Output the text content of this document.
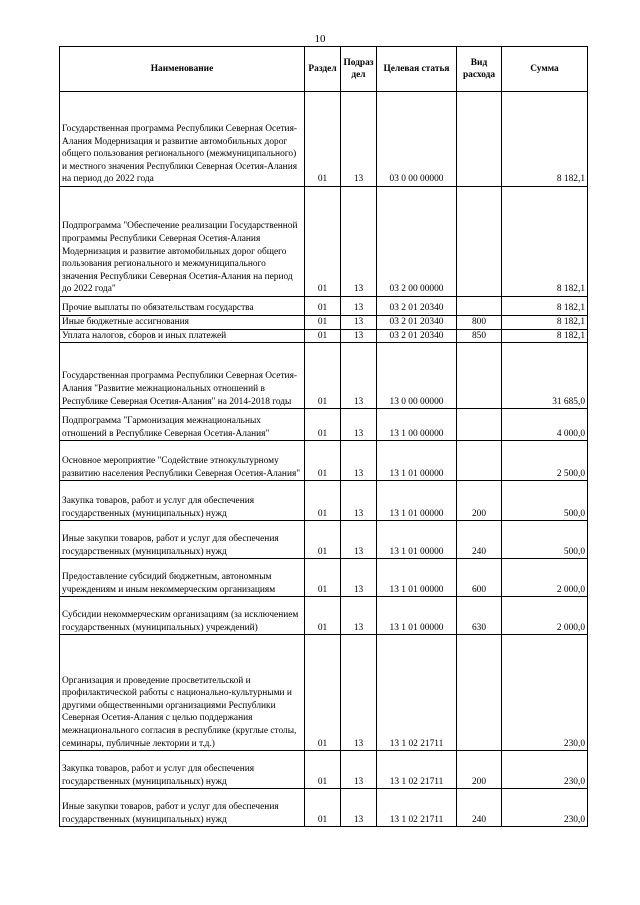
10
Наименование	Раздел	Подраз дел	Целевая статья	Вид расхода	Сумма
Государственная программа Республики Северная Осетия-Алания Модернизация и развитие автомобильных дорог общего пользования регионального (межмуниципального) и местного значения Республики Северная Осетия-Алания на период до 2022 года	01	13	03 0 00 00000		8 182,1
Подпрограмма "Обеспечение реализации Государственной программы Республики Северная Осетия-Алания Модернизация и развитие автомобильных дорог общего пользования регионального и межмуниципального значения Республики Северная Осетия-Алания на период до 2022 года"	01	13	03 2 00 00000		8 182,1
Прочие выплаты по обязательствам государства	01	13	03 2 01 20340		8 182,1
Иные бюджетные ассигнования	01	13	03 2 01 20340	800	8 182,1
Уплата налогов, сборов и иных платежей	01	13	03 2 01 20340	850	8 182,1
Государственная программа Республики Северная Осетия-Алания "Развитие межнациональных отношений в Республике Северная Осетия-Алания" на 2014-2018 годы	01	13	13 0 00 00000		31 685,0
Подпрограмма "Гармонизация межнациональных отношений в Республике Северная Осетия-Алания"	01	13	13 1 00 00000		4 000,0
Основное мероприятие "Содействие этнокультурному развитию населения Республики Северная Осетия-Алания"	01	13	13 1 01 00000		2 500,0
Закупка товаров, работ и услуг для обеспечения государственных (муниципальных) нужд	01	13	13 1 01 00000	200	500,0
Иные закупки товаров, работ и услуг для обеспечения государственных (муниципальных) нужд	01	13	13 1 01 00000	240	500,0
Предоставление субсидий бюджетным, автономным учреждениям и иным некоммерческим организациям	01	13	13 1 01 00000	600	2 000,0
Субсидии некоммерческим организациям (за исключением государственных (муниципальных) учреждений)	01	13	13 1 01 00000	630	2 000,0
Организация и проведение просветительской и профилактической работы с национально-культурными и другими общественными организациями Республики Северная Осетия-Алания с целью поддержания межнационального согласия в республике (круглые столы, семинары, публичные лектории и т.д.)	01	13	13 1 02 21711		230,0
Закупка товаров, работ и услуг для обеспечения государственных (муниципальных) нужд	01	13	13 1 02 21711	200	230,0
Иные закупки товаров, работ и услуг для обеспечения государственных (муниципальных) нужд	01	13	13 1 02 21711	240	230,0
